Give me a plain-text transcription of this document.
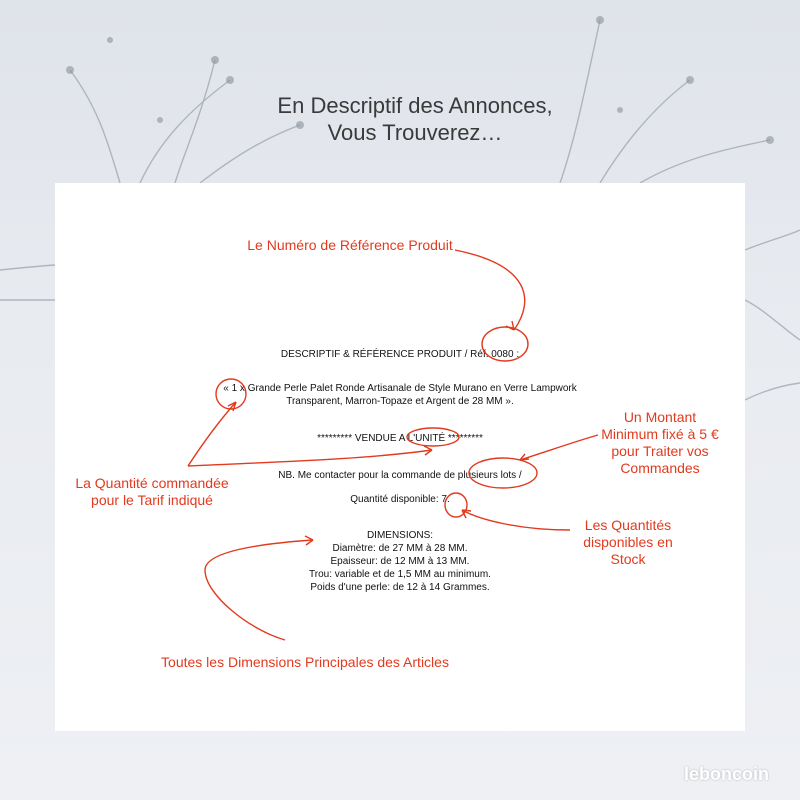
En Descriptif des Annonces,
Vous Trouverez…
DESCRIPTIF & RÉFÉRENCE PRODUIT / Réf. 0080 :
« 1 x Grande Perle Palet Ronde Artisanale de Style Murano en Verre Lampwork
Transparent, Marron-Topaze et Argent de 28 MM ».
********* VENDUE A L'UNITÉ *********
NB. Me contacter pour la commande de plusieurs lots /
Quantité disponible: 7.
DIMENSIONS:
Diamètre: de 27 MM à 28 MM.
Epaisseur: de 12 MM à 13 MM.
Trou: variable et de 1,5 MM au minimum.
Poids d'une perle: de 12 à 14 Grammes.
Le Numéro de Référence Produit
La Quantité commandée
pour le Tarif indiqué
Un Montant
Minimum fixé à 5 €
pour Traiter vos
Commandes
Les Quantités
disponibles en
Stock
Toutes les Dimensions Principales des Articles
leboncoin
